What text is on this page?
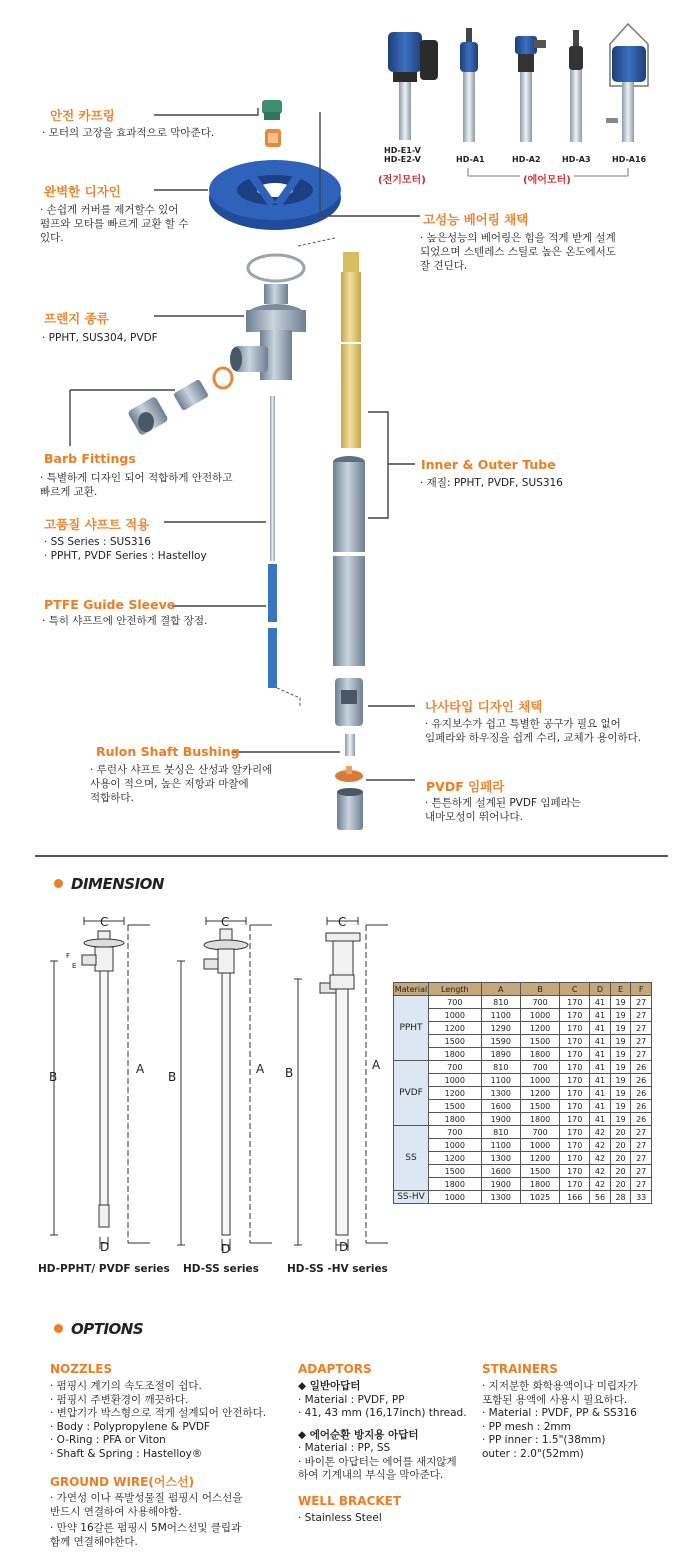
HD-E1-V
HD-E2-V	HD-A1	HD-A2	HD-A3	HD-A16
(전기모터)	(에어모터)
안전 카프링
· 모터의 고장을 효과적으로 막아준다.
완벽한 디자인
· 손쉽게 커버를 제거할수 있어
펌프와 모타를 빠르게 교환 할 수
있다.
프렌지 종류
· PPHT, SUS304, PVDF
Barb Fittings
· 특별하게 디자인 되어 적합하게 안전하고
빠르게 교환.
고품질 샤프트 적용
· SS Series : SUS316
· PPHT, PVDF Series : Hastelloy
PTFE Guide Sleeve
· 특히 샤프트에 안전하게 결합 장점.
Rulon Shaft Bushing
· 루런사 샤프트 붓싱은 산성과 알카리에
사용이 적으며, 높은 저항과 마찰에
적합하다.
고성능 베어링 채택
· 높은성능의 베어링은 힘을 적게 받게 설계
되었으며 스텐레스 스틸로 높은 온도에서도
잘 견딘다.
Inner & Outer Tube
· 재질: PPHT, PVDF, SUS316
나사타입 디자인 채택
· 유지보수가 쉽고 특별한 공구가 필요 없어
임페라와 하우징을 쉽게 수리, 교체가 용이하다.
PVDF 임페라
· 튼튼하게 설계된 PVDF 임페라는
내마모성이 뛰어나다.
DIMENSION
C
B
A
D
F
E
C
B
A
D
C
B
A
D
HD-PPHT/ PVDF series HD-SS series	HD-SS -HV series
Material	Length	A	B	C	D	E	F
PPHT	700	810	700	170	41	19	27
	1000	1100	1000	170	41	19	27
	1200	1290	1200	170	41	19	27
	1500	1590	1500	170	41	19	27
	1800	1890	1800	170	41	19	27
PVDF	700	810	700	170	41	19	26
	1000	1100	1000	170	41	19	26
	1200	1300	1200	170	41	19	26
	1500	1600	1500	170	41	19	26
	1800	1900	1800	170	41	19	26
SS	700	810	700	170	42	20	27
	1000	1100	1000	170	42	20	27
	1200	1300	1200	170	42	20	27
	1500	1600	1500	170	42	20	27
	1800	1900	1800	170	42	20	27
SS-HV	1000	1300	1025	166	56	28	33
OPTIONS
NOZZLES
· 펌핑시 계기의 속도조절이 쉽다.
· 펌핑시 주변환경이 깨끗하다.
· 변압기가 박스형으로 적게 설계되어 안전하다.
· Body : Polypropylene & PVDF
· O-Ring : PFA or Viton
· Shaft & Spring : Hastelloy®
GROUND WIRE(어스선)
· 가연성 이나 폭발성물질 펌핑시 어스선을
반드시 연결하여 사용해야함.
· 만약 16갈론 펌핑시 5M어스선및 클립과
함께 연결해야한다.
ADAPTORS
◆ 일반아답터
· Material : PVDF, PP
· 41, 43 mm (16,17inch) thread.
◆ 에어순환 방지용 아답터
· Material : PP, SS
· 바이톤 아답터는 에어를 새지않게
하여 기계내의 부식을 막아준다.
WELL BRACKET
· Stainless Steel
STRAINERS
· 지저분한 화학용액이나 미립자가
포함된 용액에 사용시 필요하다.
· Material : PVDF, PP & SS316
· PP mesh : 2mm
· PP inner : 1.5"(38mm)
outer : 2.0"(52mm)
